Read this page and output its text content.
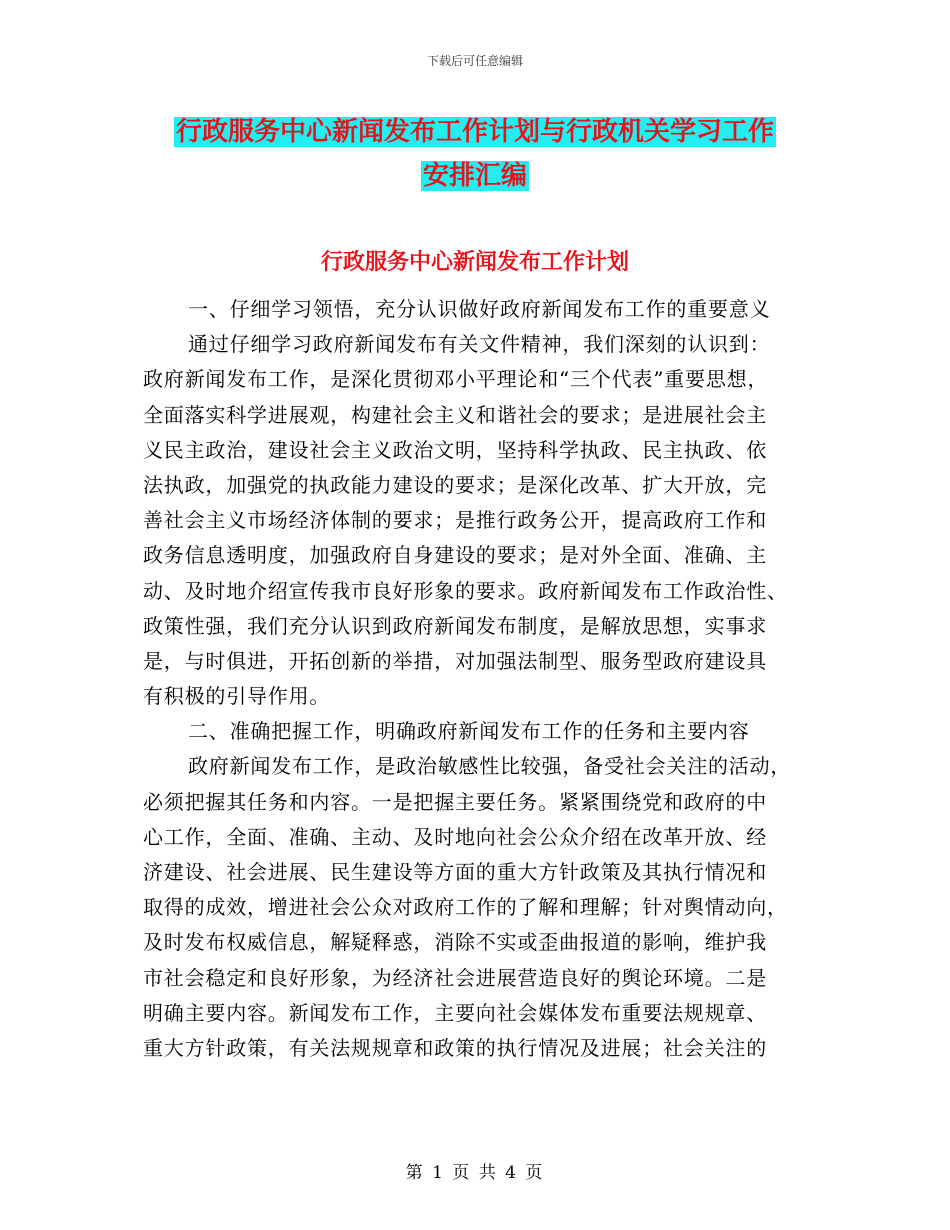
下载后可任意编辑
行政服务中心新闻发布工作计划与行政机关学习工作
安排汇编
行政服务中心新闻发布工作计划
一、仔细学习领悟，充分认识做好政府新闻发布工作的重要意义
通过仔细学习政府新闻发布有关文件精神，我们深刻的认识到：
政府新闻发布工作，是深化贯彻邓小平理论和“三个代表”重要思想，
全面落实科学进展观，构建社会主义和谐社会的要求；是进展社会主
义民主政治，建设社会主义政治文明，坚持科学执政、民主执政、依
法执政，加强党的执政能力建设的要求；是深化改革、扩大开放，完
善社会主义市场经济体制的要求；是推行政务公开，提高政府工作和
政务信息透明度，加强政府自身建设的要求；是对外全面、准确、主
动、及时地介绍宣传我市良好形象的要求。政府新闻发布工作政治性、
政策性强，我们充分认识到政府新闻发布制度，是解放思想，实事求
是，与时俱进，开拓创新的举措，对加强法制型、服务型政府建设具
有积极的引导作用。
二、准确把握工作，明确政府新闻发布工作的任务和主要内容
政府新闻发布工作，是政治敏感性比较强，备受社会关注的活动，
必须把握其任务和内容。一是把握主要任务。紧紧围绕党和政府的中
心工作，全面、准确、主动、及时地向社会公众介绍在改革开放、经
济建设、社会进展、民生建设等方面的重大方针政策及其执行情况和
取得的成效，增进社会公众对政府工作的了解和理解；针对舆情动向，
及时发布权威信息，解疑释惑，消除不实或歪曲报道的影响，维护我
市社会稳定和良好形象，为经济社会进展营造良好的舆论环境。二是
明确主要内容。新闻发布工作，主要向社会媒体发布重要法规规章、
重大方针政策，有关法规规章和政策的执行情况及进展；社会关注的
第 1 页 共 4 页
